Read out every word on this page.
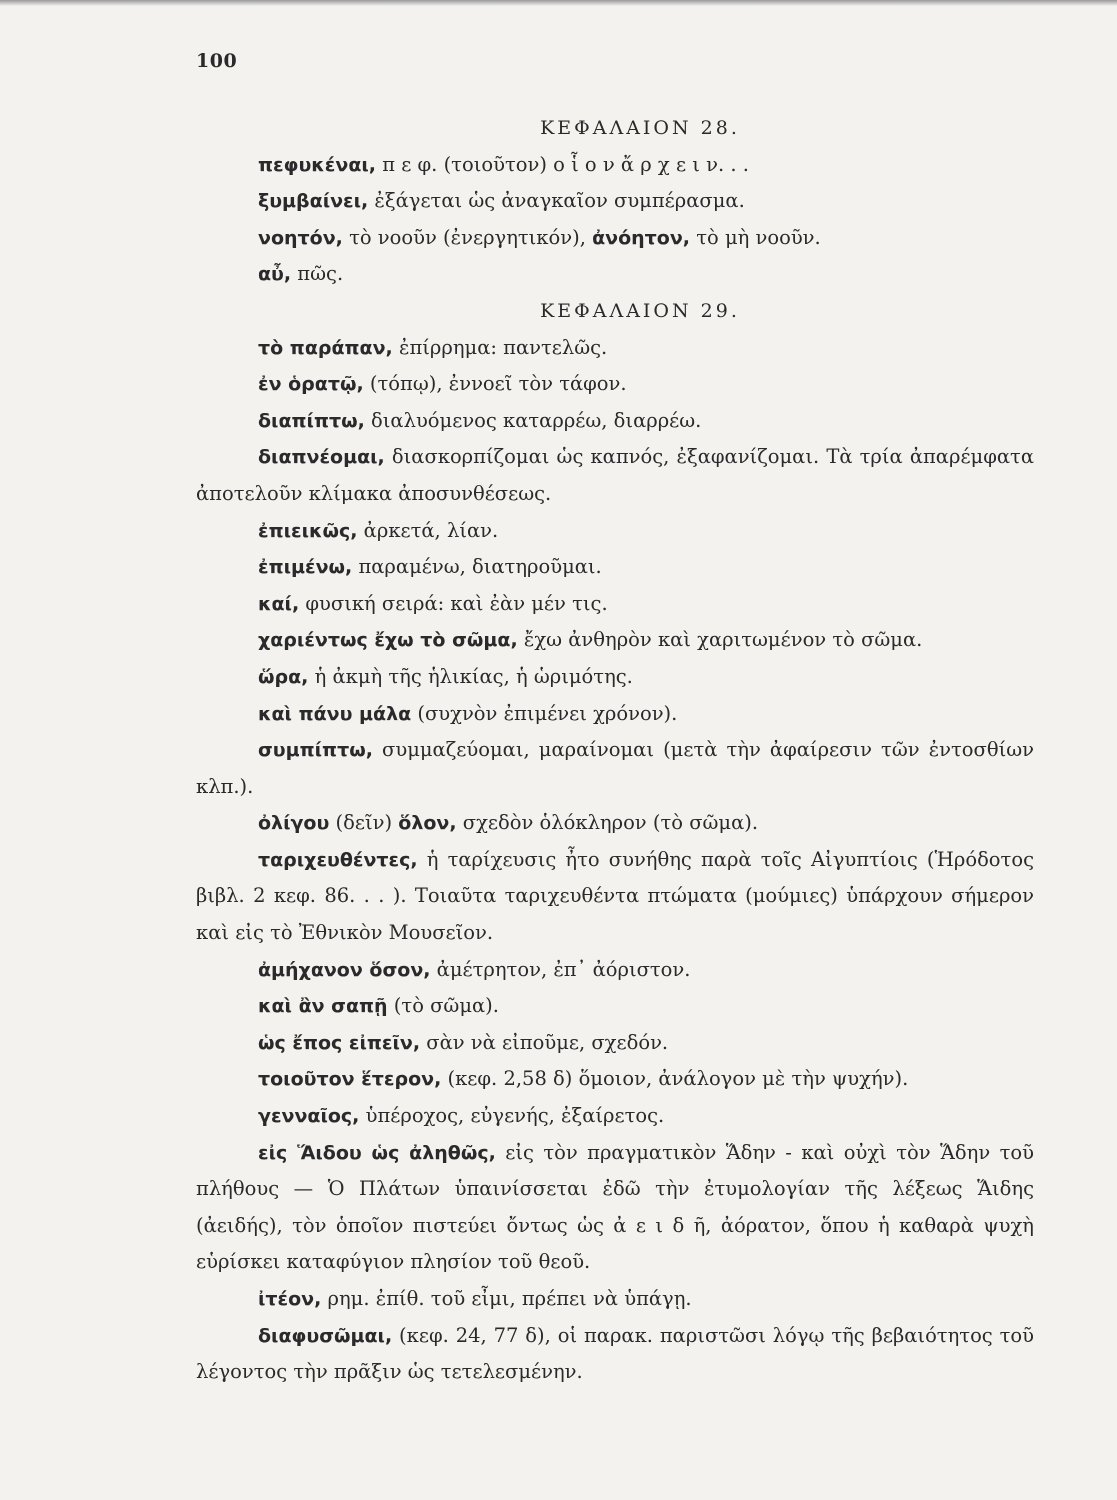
100
ΚΕΦΑΛΑΙΟΝ 28.
πεφυκέναι, π ε φ. (τοιοῦτον) ο ἷ ο ν ἄ ρ χ ε ι ν. . .
ξυμβαίνει, ἐξάγεται ὡς ἀναγκαῖον συμπέρασμα.
νοητόν, τὸ νοοῦν (ἐνεργητικόν), ἀνόητον, τὸ μὴ νοοῦν.
αὖ, πῶς.
ΚΕΦΑΛΑΙΟΝ 29.
τὸ παράπαν, ἐπίρρημα: παντελῶς.
ἐν ὁρατῷ, (τόπῳ), ἐννοεῖ τὸν τάφον.
διαπίπτω, διαλυόμενος καταρρέω, διαρρέω.
διαπνέομαι, διασκορπίζομαι ὡς καπνός, ἐξαφανίζομαι. Τὰ τρία ἀπαρέμφατα ἀποτελοῦν κλίμακα ἀποσυνθέσεως.
ἐπιεικῶς, ἀρκετά, λίαν.
ἐπιμένω, παραμένω, διατηροῦμαι.
καί, φυσική σειρά: καὶ ἐὰν μέν τις.
χαριέντως ἔχω τὸ σῶμα, ἔχω ἀνθηρὸν καὶ χαριτωμένον τὸ σῶμα.
ὥρα, ἡ ἀκμὴ τῆς ἡλικίας, ἡ ὡριμότης.
καὶ πάνυ μάλα (συχνὸν ἐπιμένει χρόνον).
συμπίπτω, συμμαζεύομαι, μαραίνομαι (μετὰ τὴν ἀφαίρεσιν τῶν ἐντοσθίων κλπ.).
ὀλίγου (δεῖν) ὅλον, σχεδὸν ὁλόκληρον (τὸ σῶμα).
ταριχευθέντες, ἡ ταρίχευσις ἦτο συνήθης παρὰ τοῖς Αἰγυπτίοις (Ἡρόδοτος βιβλ. 2 κεφ. 86. . . ). Τοιαῦτα ταριχευθέντα πτώματα (μούμιες) ὑπάρχουν σήμερον καὶ εἰς τὸ Ἐθνικὸν Μουσεῖον.
ἀμήχανον ὅσον, ἀμέτρητον, ἐπ᾽ ἀόριστον.
καὶ ἂν σαπῇ (τὸ σῶμα).
ὡς ἔπος εἰπεῖν, σὰν νὰ εἰποῦμε, σχεδόν.
τοιοῦτον ἕτερον, (κεφ. 2,58 δ) ὅμοιον, ἀνάλογον μὲ τὴν ψυχήν).
γενναῖος, ὑπέροχος, εὐγενής, ἐξαίρετος.
εἰς Ἅιδου ὡς ἀληθῶς, εἰς τὸν πραγματικὸν Ἅδην - καὶ οὐχὶ τὸν Ἅδην τοῦ πλήθους — Ὁ Πλάτων ὑπαινίσσεται ἐδῶ τὴν ἐτυμολογίαν τῆς λέξεως Ἅιδης (ἀειδής), τὸν ὁποῖον πιστεύει ὄντως ὡς ἀ ε ι δ ῆ, ἀόρατον, ὅπου ἡ καθαρὰ ψυχὴ εὑρίσκει καταφύγιον πλησίον τοῦ θεοῦ.
ἰτέον, ρημ. ἐπίθ. τοῦ εἶμι, πρέπει νὰ ὑπάγῃ.
διαφυσῶμαι, (κεφ. 24, 77 δ), οἱ παρακ. παριστῶσι λόγῳ τῆς βεβαιότητος τοῦ λέγοντος τὴν πρᾶξιν ὡς τετελεσμένην.
